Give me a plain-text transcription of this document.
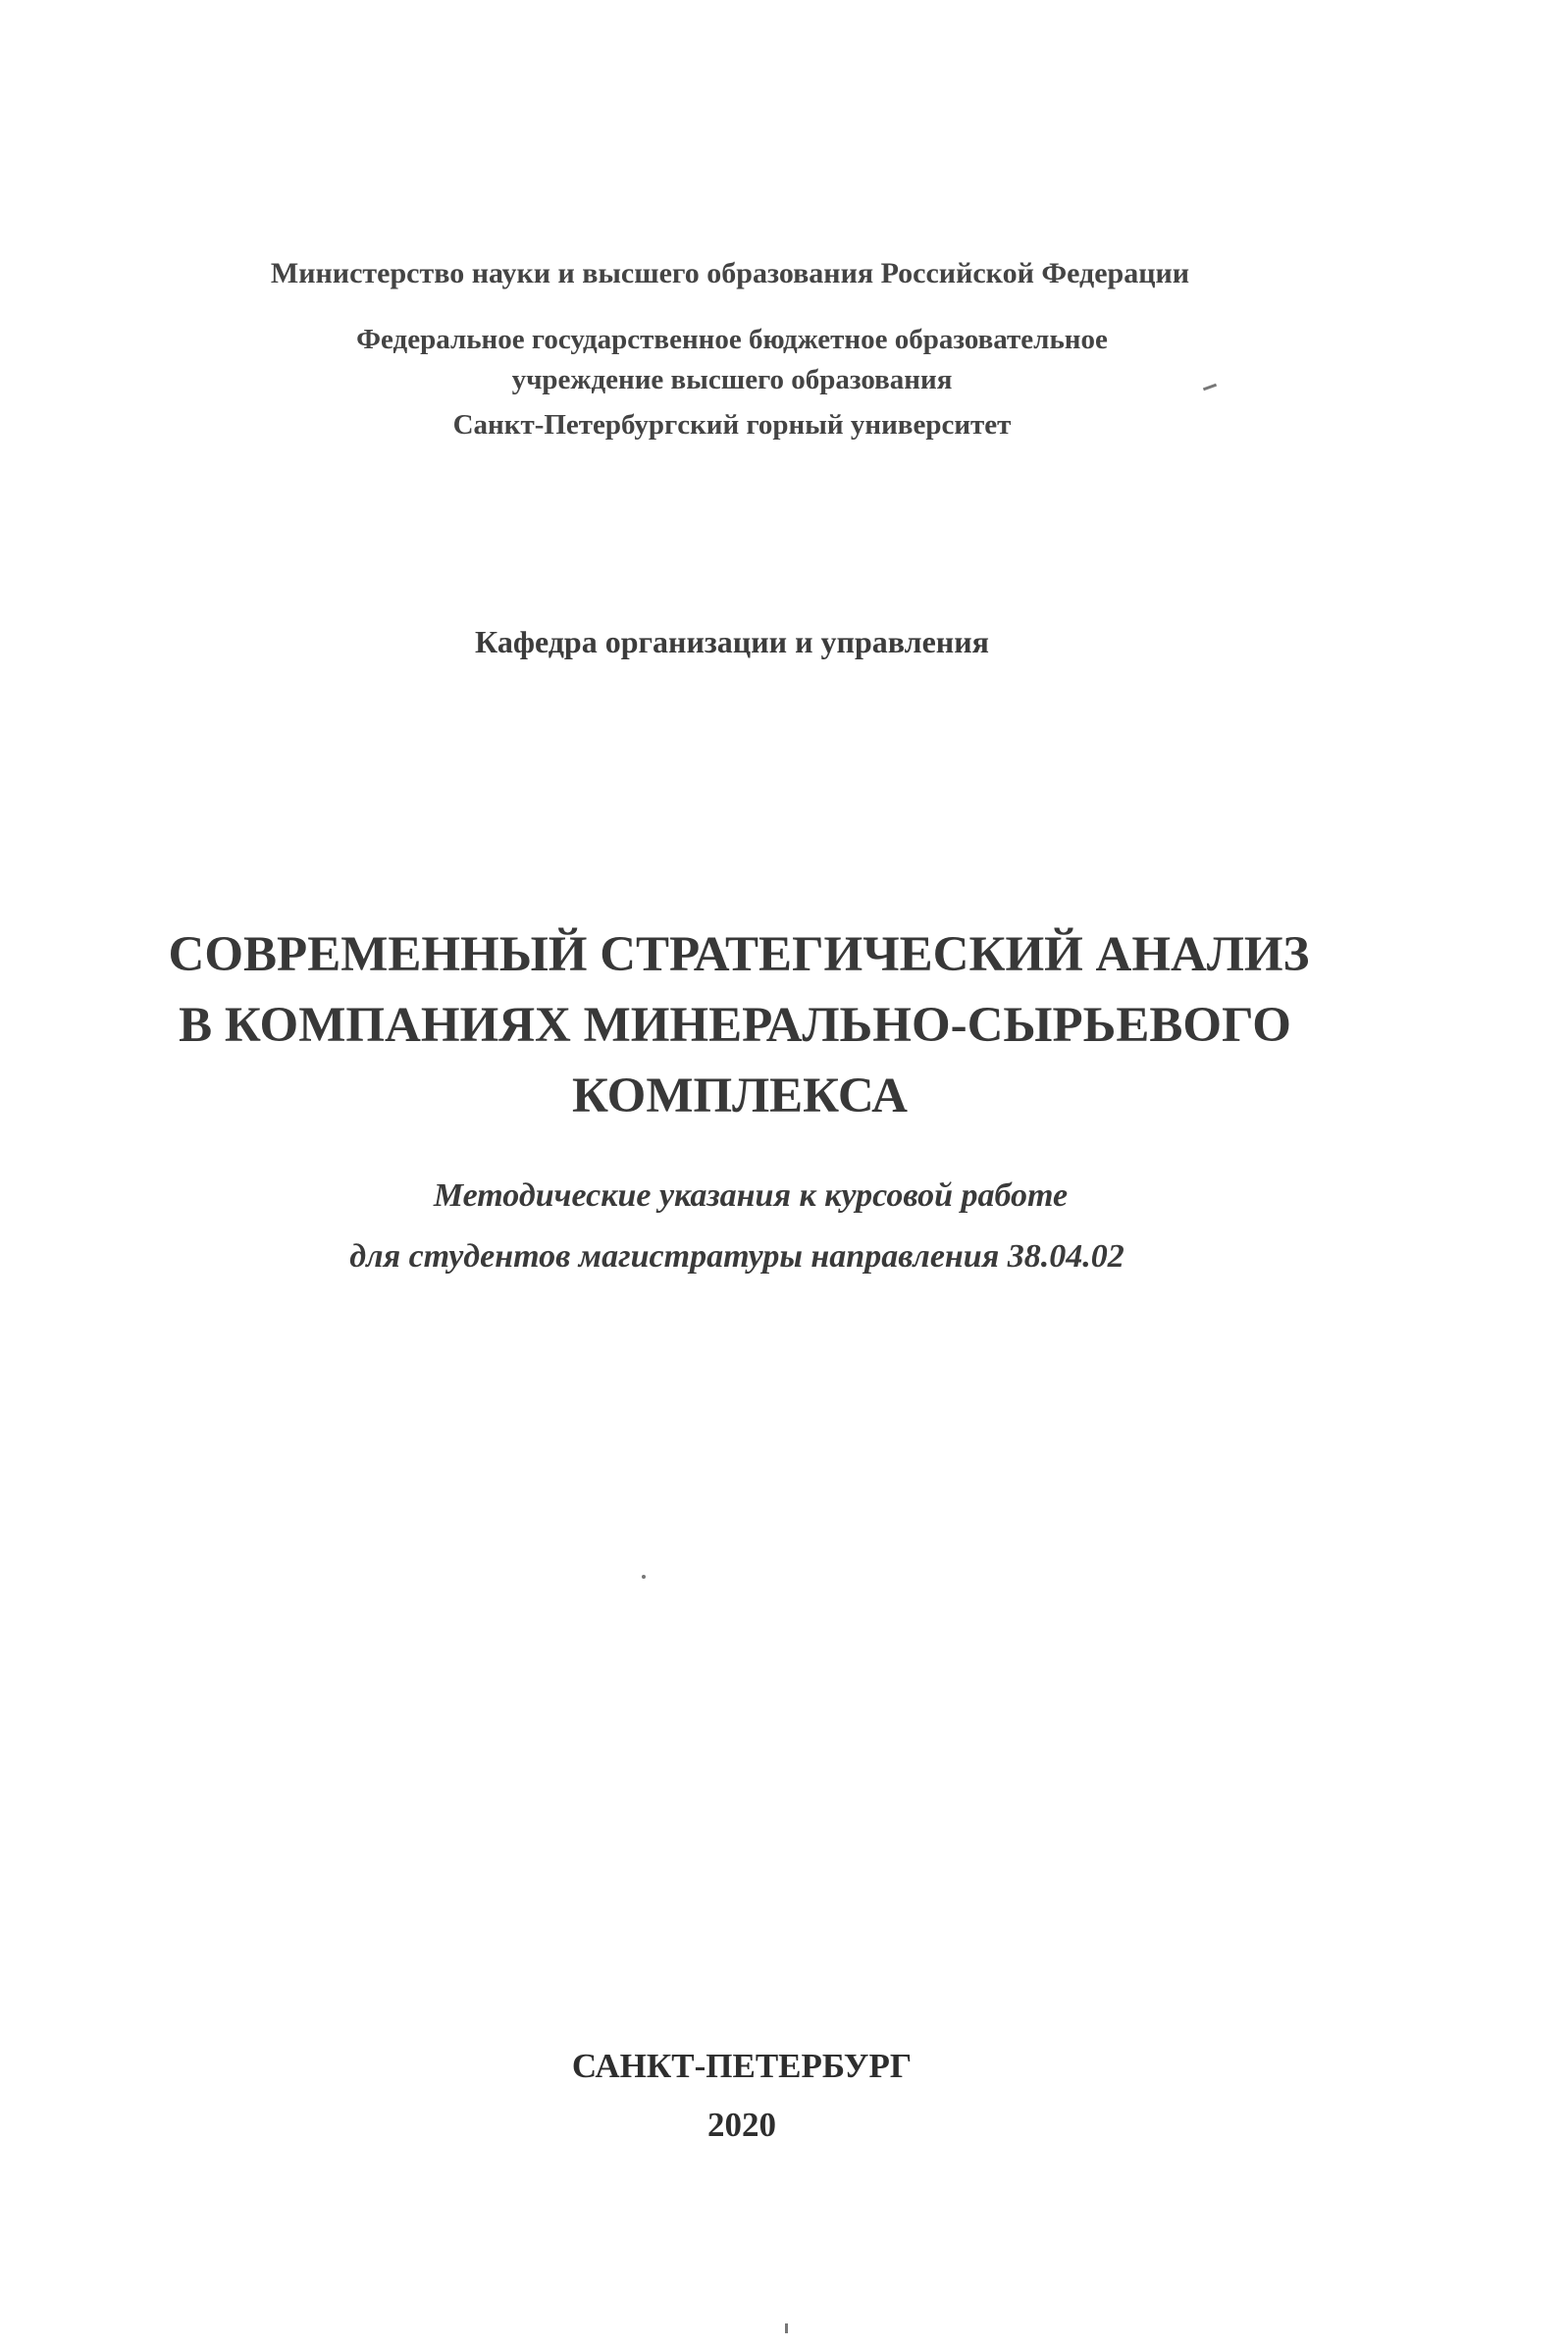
Министерство науки и высшего образования Российской Федерации
Федеральное государственное бюджетное образовательное
учреждение высшего образования
Санкт-Петербургский горный университет
Кафедра организации и управления
СОВРЕМЕННЫЙ СТРАТЕГИЧЕСКИЙ АНАЛИЗ
В КОМПАНИЯХ МИНЕРАЛЬНО-СЫРЬЕВОГО
КОМПЛЕКСА
Методические указания к курсовой работе
для студентов магистратуры направления 38.04.02
САНКТ-ПЕТЕРБУРГ
2020
